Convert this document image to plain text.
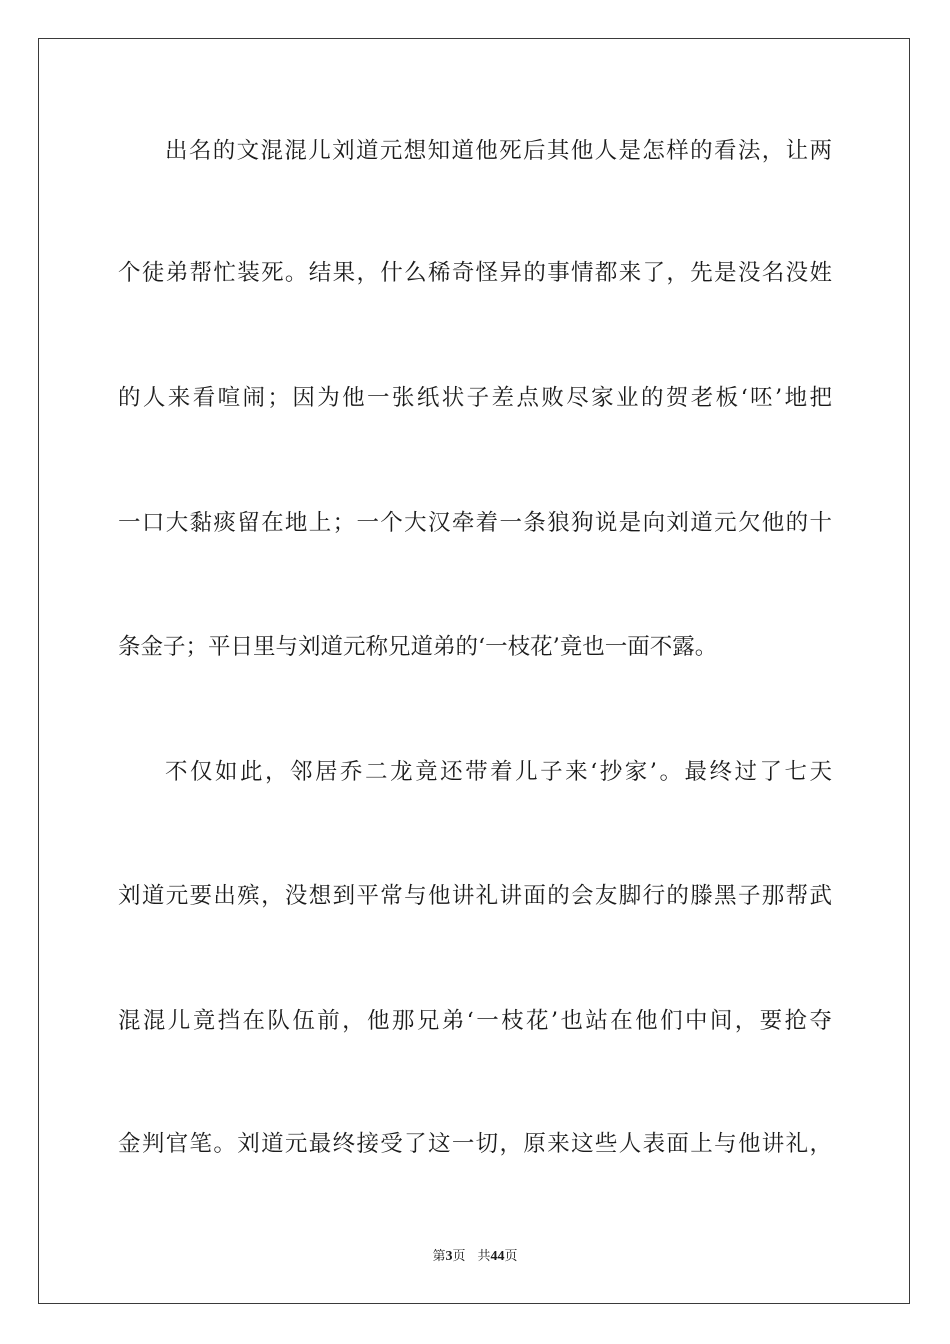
出名的文混混儿刘道元想知道他死后其他人是怎样的看法，让两
个徒弟帮忙装死。结果，什么稀奇怪异的事情都来了，先是没名没姓
的人来看喧闹；因为他一张纸状子差点败尽家业的贺老板‘呸’地把
一口大黏痰留在地上；一个大汉牵着一条狼狗说是向刘道元欠他的十
条金子；平日里与刘道元称兄道弟的‘一枝花’竟也一面不露。
不仅如此，邻居乔二龙竟还带着儿子来‘抄家’。最终过了七天
刘道元要出殡，没想到平常与他讲礼讲面的会友脚行的滕黑子那帮武
混混儿竟挡在队伍前，他那兄弟‘一枝花’也站在他们中间，要抢夺
金判官笔。刘道元最终接受了这一切，原来这些人表面上与他讲礼，
第3页 共44页
